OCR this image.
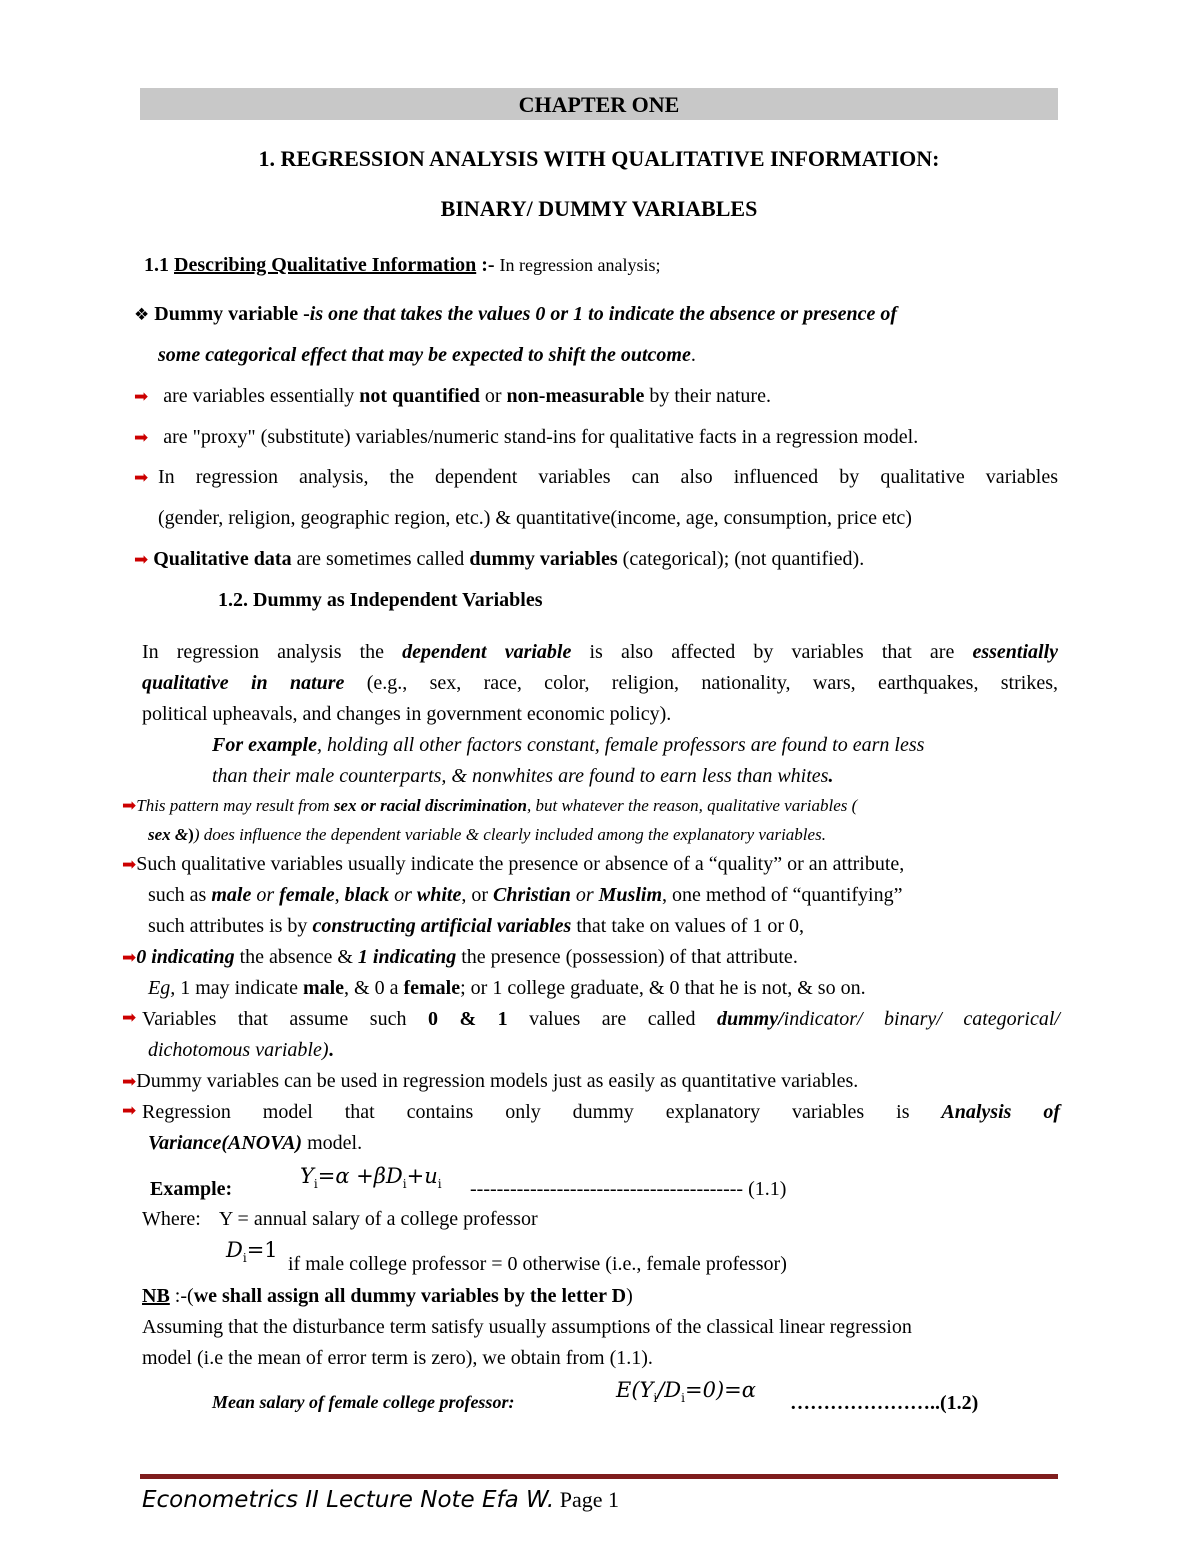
CHAPTER ONE
1. REGRESSION ANALYSIS WITH QUALITATIVE INFORMATION:
BINARY/ DUMMY VARIABLES
1.1 Describing Qualitative Information :- In regression analysis;
❖ Dummy variable -is one that takes the values 0 or 1 to indicate the absence or presence of
some categorical effect that may be expected to shift the outcome.
➡ are variables essentially not quantified or non-measurable by their nature.
➡ are "proxy" (substitute) variables/numeric stand-ins for qualitative facts in a regression model.
➡ In regression analysis, the dependent variables can also influenced by qualitative variables
(gender, religion, geographic region, etc.) & quantitative(income, age, consumption, price etc)
➡ Qualitative data are sometimes called dummy variables (categorical); (not quantified).
1.2. Dummy as Independent Variables
In regression analysis the dependent variable is also affected by variables that are essentially
qualitative in nature (e.g., sex, race, color, religion, nationality, wars, earthquakes, strikes,
political upheavals, and changes in government economic policy).
For example, holding all other factors constant, female professors are found to earn less
than their male counterparts, & nonwhites are found to earn less than whites.
➡This pattern may result from sex or racial discrimination, but whatever the reason, qualitative variables (
sex &)) does influence the dependent variable & clearly included among the explanatory variables.
➡Such qualitative variables usually indicate the presence or absence of a “quality” or an attribute,
such as male or female, black or white, or Christian or Muslim, one method of “quantifying”
such attributes is by constructing artificial variables that take on values of 1 or 0,
➡0 indicating the absence & 1 indicating the presence (possession) of that attribute.
Eg, 1 may indicate male, & 0 a female; or 1 college graduate, & 0 that he is not, & so on.
➡ Variables that assume such 0 & 1 values are called dummy/indicator/ binary/ categorical/
dichotomous variable).
➡Dummy variables can be used in regression models just as easily as quantitative variables.
➡ Regression model that contains only dummy explanatory variables is Analysis of
Variance(ANOVA) model.
Example:
$Y_i=\alpha +\beta D_i+u_i$ ----------------------------------------- (1.1)
Where: Y = annual salary of a college professor
$D_i=1$
if male college professor = 0 otherwise (i.e., female professor)
NB :-(we shall assign all dummy variables by the letter D)
Assuming that the disturbance term satisfy usually assumptions of the classical linear regression
model (i.e the mean of error term is zero), we obtain from (1.1).
Mean salary of female college professor:	$E(Y_i/D_i=0)=\alpha$
…………………..(1.2)
Econometrics II Lecture Note Efa W. Page 1
